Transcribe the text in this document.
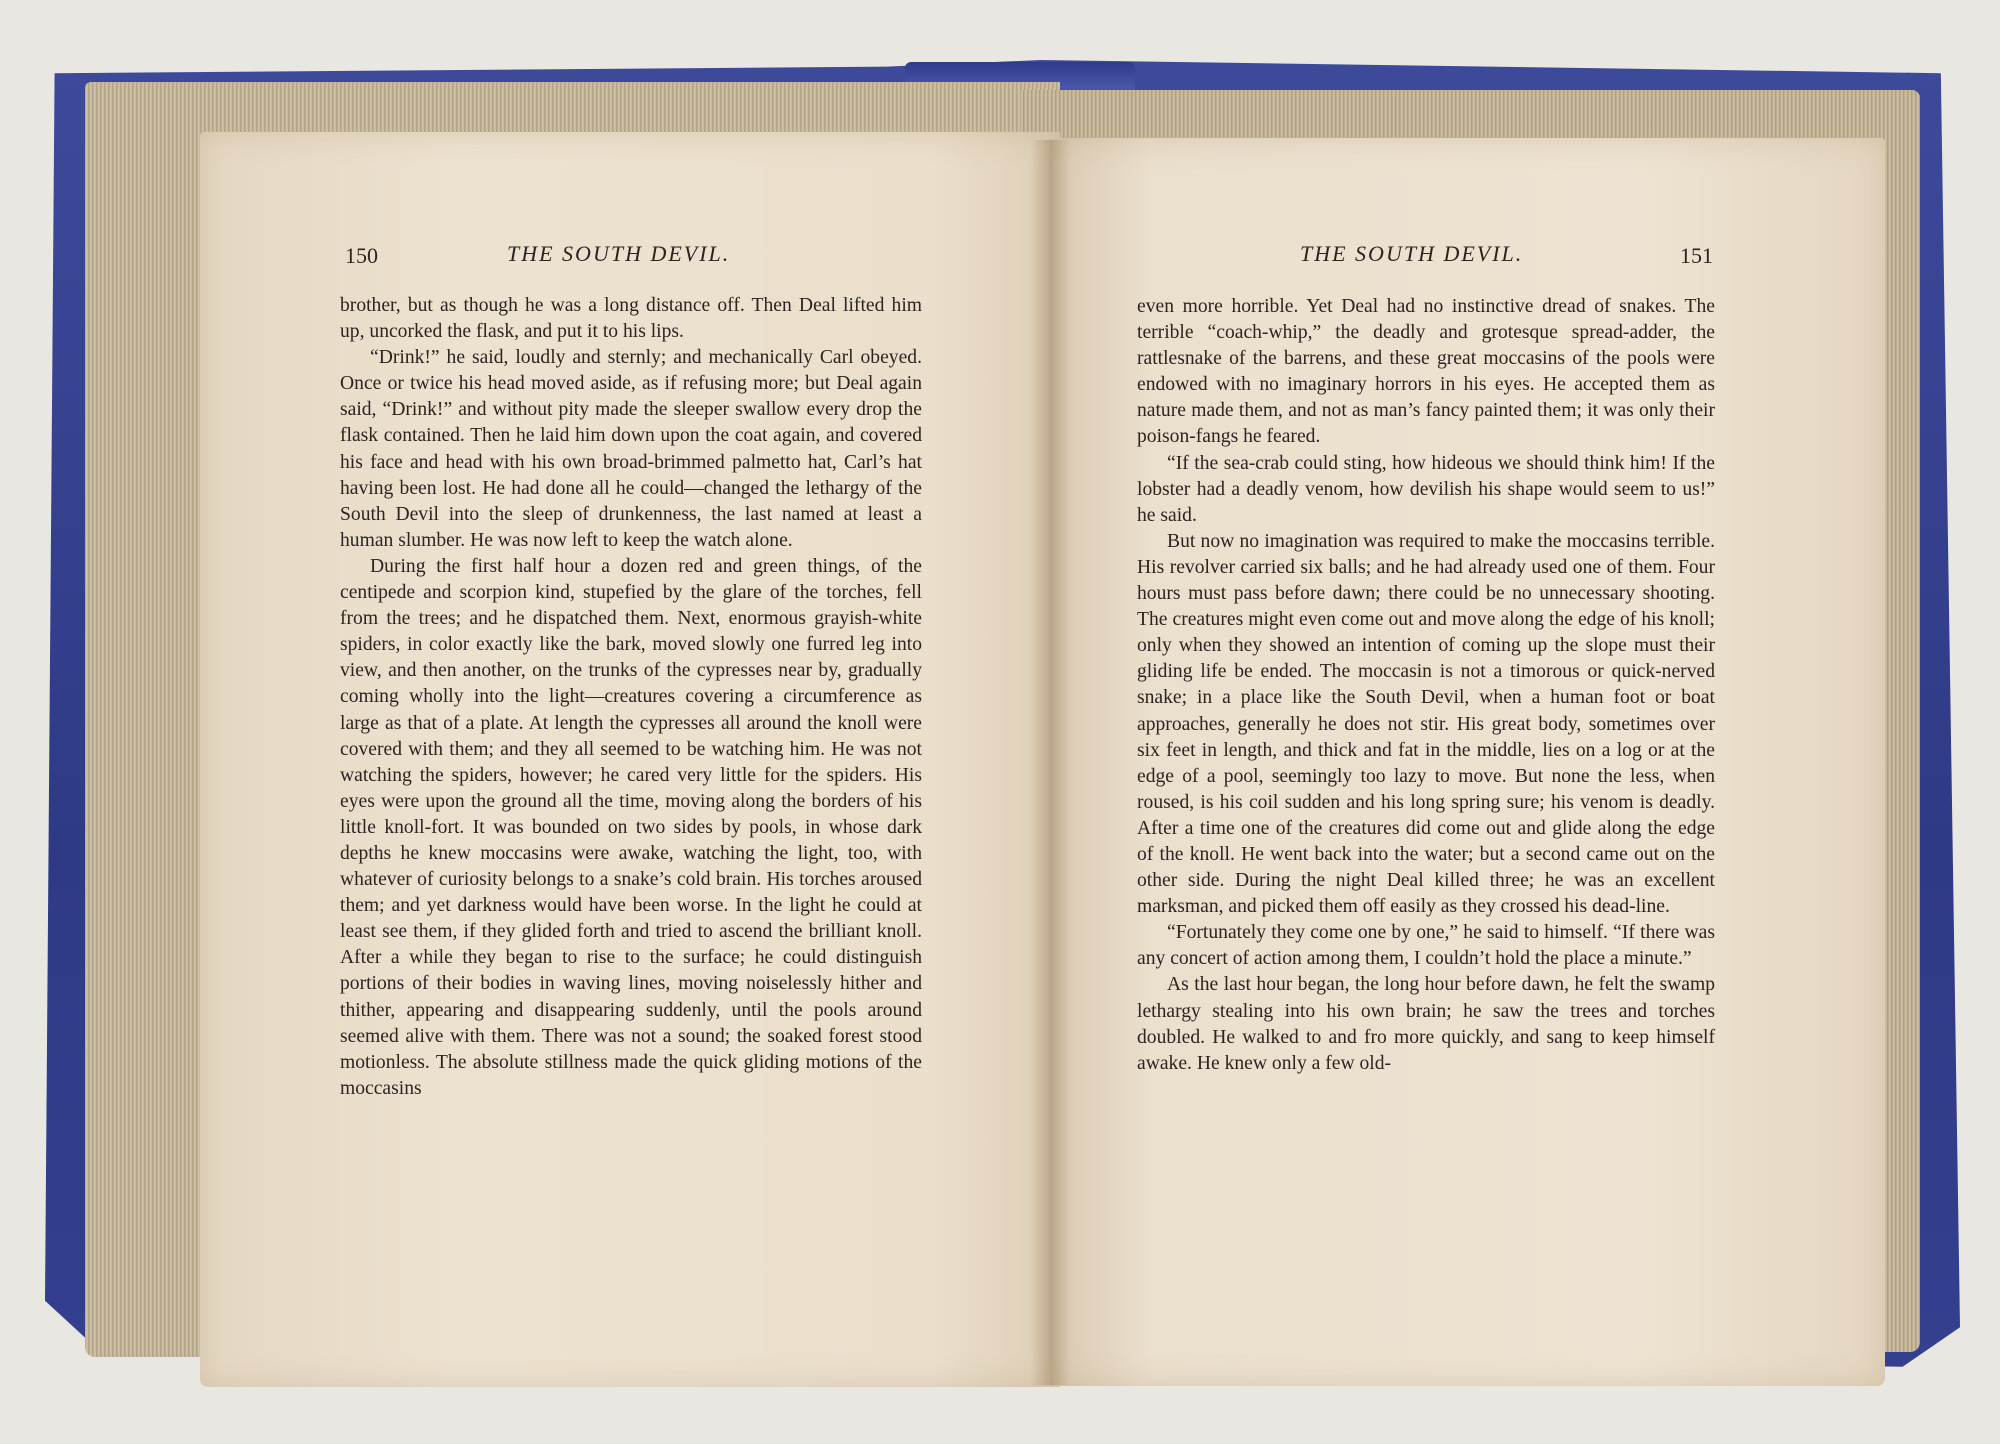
150	THE SOUTH DEVIL.	THE SOUTH DEVIL.	151

brother, but as though he was a long distance off. Then Deal lifted him up, uncorked the flask, and put it to his lips.

“Drink!” he said, loudly and sternly; and mechanically Carl obeyed. Once or twice his head moved aside, as if refusing more; but Deal again said, “Drink!” and without pity made the sleeper swallow every drop the flask contained. Then he laid him down upon the coat again, and covered his face and head with his own broad-brimmed palmetto hat, Carl’s hat having been lost. He had done all he could—changed the lethargy of the South Devil into the sleep of drunkenness, the last named at least a human slumber. He was now left to keep the watch alone.

During the first half hour a dozen red and green things, of the centipede and scorpion kind, stupefied by the glare of the torches, fell from the trees; and he dispatched them. Next, enormous grayish-white spiders, in color exactly like the bark, moved slowly one furred leg into view, and then another, on the trunks of the cypresses near by, gradually coming wholly into the light—creatures covering a circumference as large as that of a plate. At length the cypresses all around the knoll were covered with them; and they all seemed to be watching him. He was not watching the spiders, however; he cared very little for the spiders. His eyes were upon the ground all the time, moving along the borders of his little knoll-fort. It was bounded on two sides by pools, in whose dark depths he knew moccasins were awake, watching the light, too, with whatever of curiosity belongs to a snake’s cold brain. His torches aroused them; and yet darkness would have been worse. In the light he could at least see them, if they glided forth and tried to ascend the brilliant knoll. After a while they began to rise to the surface; he could distinguish portions of their bodies in waving lines, moving noiselessly hither and thither, appearing and disappearing suddenly, until the pools around seemed alive with them. There was not a sound; the soaked forest stood motionless. The absolute stillness made the quick gliding motions of the moccasins

even more horrible. Yet Deal had no instinctive dread of snakes. The terrible “coach-whip,” the deadly and grotesque spread-adder, the rattlesnake of the barrens, and these great moccasins of the pools were endowed with no imaginary horrors in his eyes. He accepted them as nature made them, and not as man’s fancy painted them; it was only their poison-fangs he feared.

“If the sea-crab could sting, how hideous we should think him! If the lobster had a deadly venom, how devilish his shape would seem to us!” he said.

But now no imagination was required to make the moccasins terrible. His revolver carried six balls; and he had already used one of them. Four hours must pass before dawn; there could be no unnecessary shooting. The creatures might even come out and move along the edge of his knoll; only when they showed an intention of coming up the slope must their gliding life be ended. The moccasin is not a timorous or quick-nerved snake; in a place like the South Devil, when a human foot or boat approaches, generally he does not stir. His great body, sometimes over six feet in length, and thick and fat in the middle, lies on a log or at the edge of a pool, seemingly too lazy to move. But none the less, when roused, is his coil sudden and his long spring sure; his venom is deadly. After a time one of the creatures did come out and glide along the edge of the knoll. He went back into the water; but a second came out on the other side. During the night Deal killed three; he was an excellent marksman, and picked them off easily as they crossed his dead-line.

“Fortunately they come one by one,” he said to himself. “If there was any concert of action among them, I couldn’t hold the place a minute.”

As the last hour began, the long hour before dawn, he felt the swamp lethargy stealing into his own brain; he saw the trees and torches doubled. He walked to and fro more quickly, and sang to keep himself awake. He knew only a few old-
